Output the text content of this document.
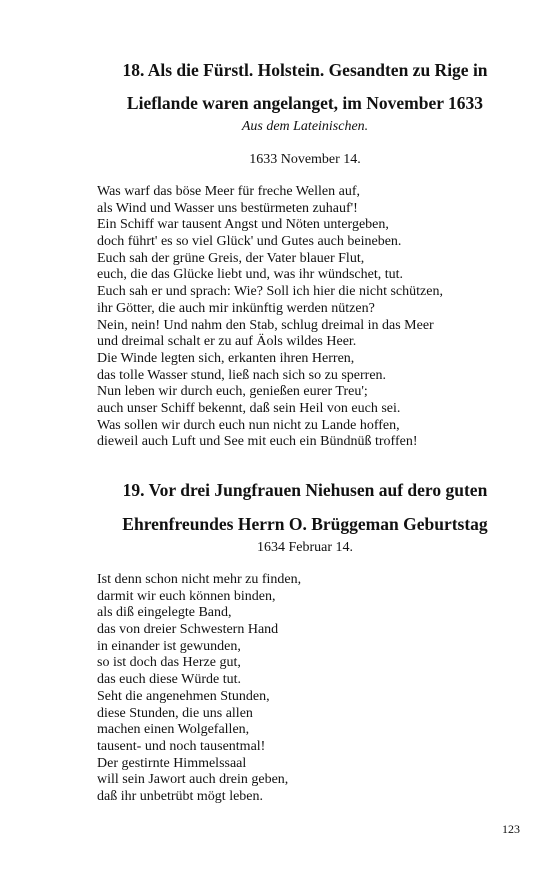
18. Als die Fürstl. Holstein. Gesandten zu Rige in
Lieflande waren angelanget, im November 1633
Aus dem Lateinischen.
1633 November 14.
Was warf das böse Meer für freche Wellen auf,
als Wind und Wasser uns bestürmeten zuhauf'!
Ein Schiff war tausent Angst und Nöten untergeben,
doch führt' es so viel Glück' und Gutes auch beineben.
Euch sah der grüne Greis, der Vater blauer Flut,
euch, die das Glücke liebt und, was ihr wündschet, tut.
Euch sah er und sprach: Wie? Soll ich hier die nicht schützen,
ihr Götter, die auch mir inkünftig werden nützen?
Nein, nein! Und nahm den Stab, schlug dreimal in das Meer
und dreimal schalt er zu auf Äols wildes Heer.
Die Winde legten sich, erkanten ihren Herren,
das tolle Wasser stund, ließ nach sich so zu sperren.
Nun leben wir durch euch, genießen eurer Treu';
auch unser Schiff bekennt, daß sein Heil von euch sei.
Was sollen wir durch euch nun nicht zu Lande hoffen,
dieweil auch Luft und See mit euch ein Bündnüß troffen!
19. Vor drei Jungfrauen Niehusen auf dero guten
Ehrenfreundes Herrn O. Brüggeman Geburtstag
1634 Februar 14.
Ist denn schon nicht mehr zu finden,
darmit wir euch können binden,
als diß eingelegte Band,
das von dreier Schwestern Hand
in einander ist gewunden,
so ist doch das Herze gut,
das euch diese Würde tut.
Seht die angenehmen Stunden,
diese Stunden, die uns allen
machen einen Wolgefallen,
tausent- und noch tausentmal!
Der gestirnte Himmelssaal
will sein Jawort auch drein geben,
daß ihr unbetrübt mögt leben.
123
